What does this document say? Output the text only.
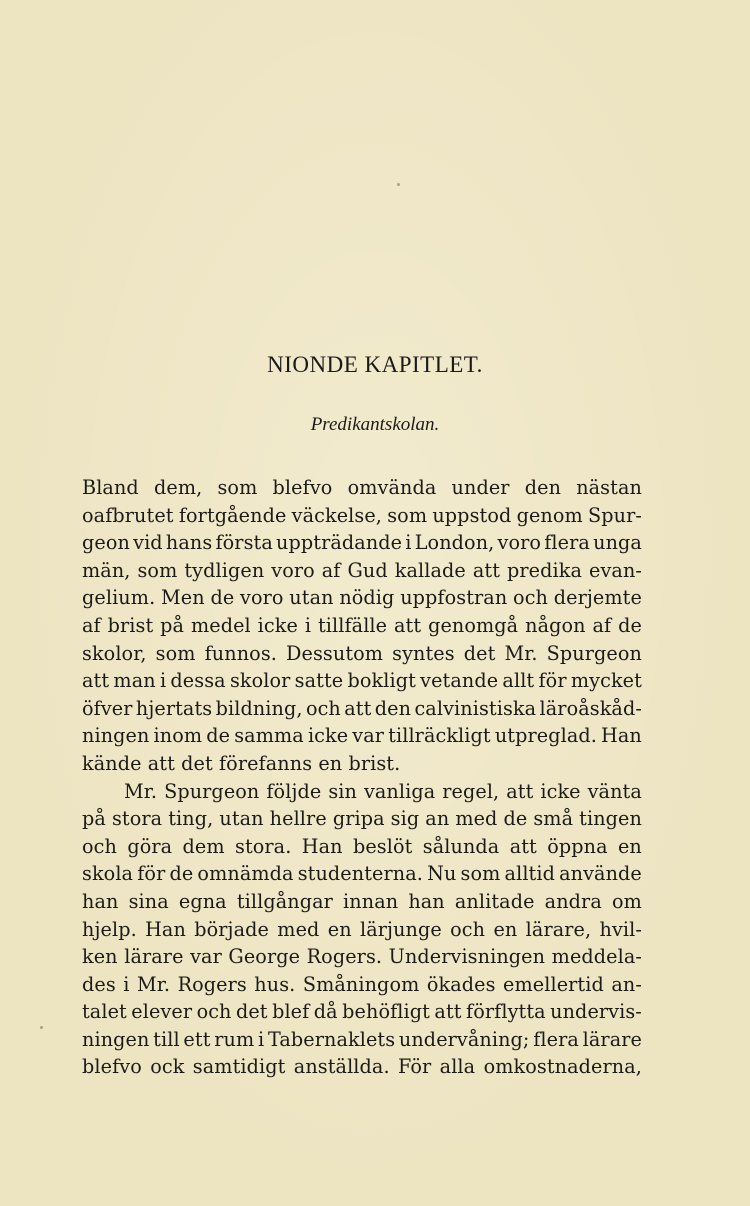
NIONDE KAPITLET.

Predikantskolan.

Bland dem, som blefvo omvända under den nästan
oafbrutet fortgående väckelse, som uppstod genom Spur-
geon vid hans första uppträdande i London, voro flera unga
män, som tydligen voro af Gud kallade att predika evan-
gelium. Men de voro utan nödig uppfostran och derjemte
af brist på medel icke i tillfälle att genomgå någon af de
skolor, som funnos. Dessutom syntes det Mr. Spurgeon
att man i dessa skolor satte bokligt vetande allt för mycket
öfver hjertats bildning, och att den calvinistiska läroåskåd-
ningen inom de samma icke var tillräckligt utpreglad. Han
kände att det förefanns en brist.
Mr. Spurgeon följde sin vanliga regel, att icke vänta
på stora ting, utan hellre gripa sig an med de små tingen
och göra dem stora. Han beslöt sålunda att öppna en
skola för de omnämda studenterna. Nu som alltid använde
han sina egna tillgångar innan han anlitade andra om
hjelp. Han började med en lärjunge och en lärare, hvil-
ken lärare var George Rogers. Undervisningen meddela-
des i Mr. Rogers hus. Småningom ökades emellertid an-
talet elever och det blef då behöfligt att förflytta undervis-
ningen till ett rum i Tabernaklets undervåning; flera lärare
blefvo ock samtidigt anställda. För alla omkostnaderna,
